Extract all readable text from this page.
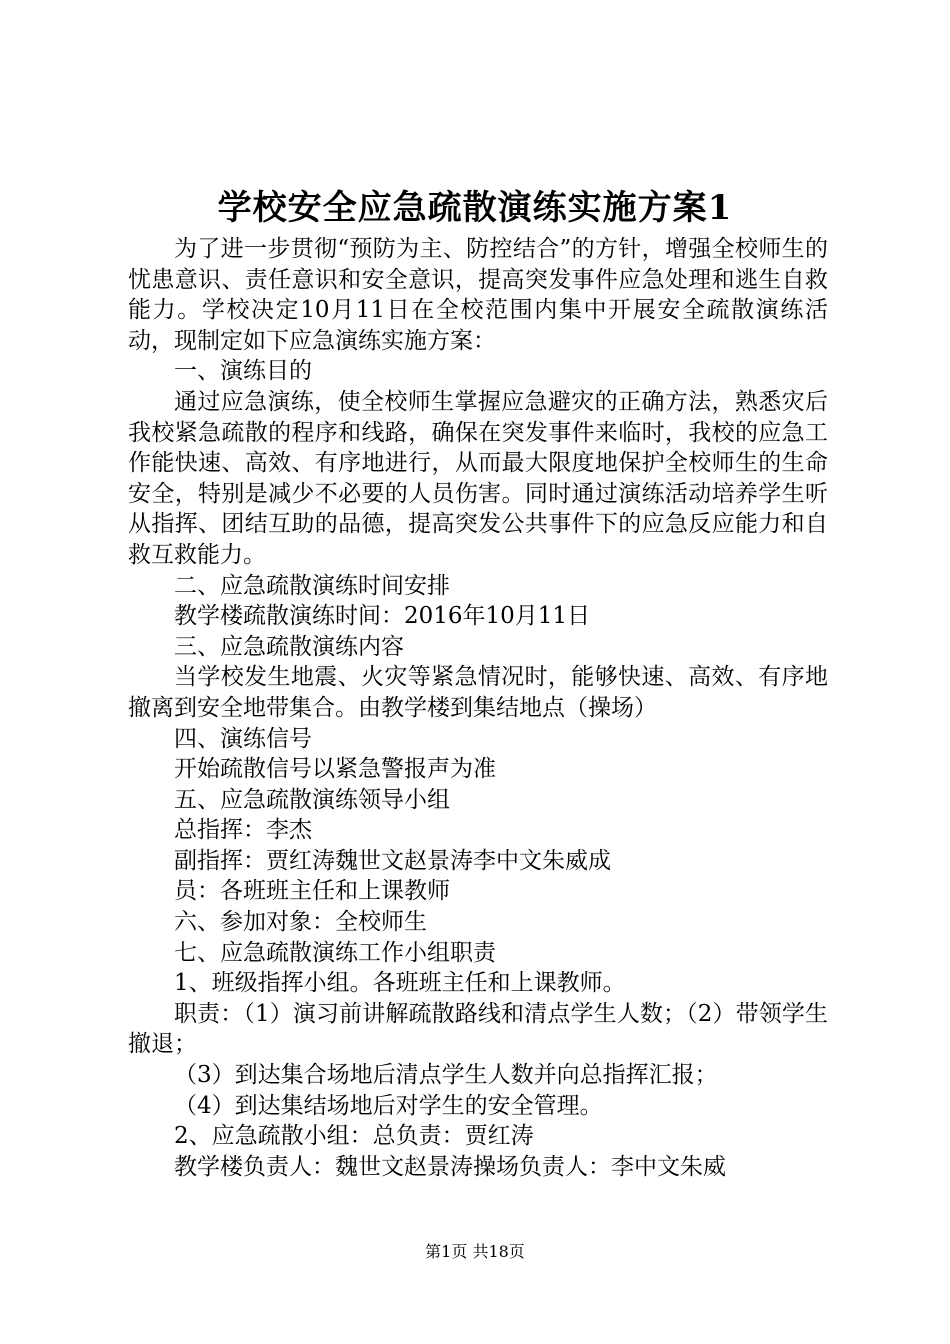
学校安全应急疏散演练实施方案1

为了进一步贯彻“预防为主、防控结合”的方针，增强全校师生的忧患意识、责任意识和安全意识，提高突发事件应急处理和逃生自救能力。学校决定10月11日在全校范围内集中开展安全疏散演练活动，现制定如下应急演练实施方案：

一、演练目的

通过应急演练，使全校师生掌握应急避灾的正确方法，熟悉灾后我校紧急疏散的程序和线路，确保在突发事件来临时，我校的应急工作能快速、高效、有序地进行，从而最大限度地保护全校师生的生命安全，特别是减少不必要的人员伤害。同时通过演练活动培养学生听从指挥、团结互助的品德，提高突发公共事件下的应急反应能力和自救互救能力。

二、应急疏散演练时间安排

教学楼疏散演练时间：2016年10月11日

三、应急疏散演练内容

当学校发生地震、火灾等紧急情况时，能够快速、高效、有序地撤离到安全地带集合。由教学楼到集结地点（操场）

四、演练信号

开始疏散信号以紧急警报声为准

五、应急疏散演练领导小组

总指挥：李杰

副指挥：贾红涛魏世文赵景涛李中文朱威成

员：各班班主任和上课教师

六、参加对象：全校师生

七、应急疏散演练工作小组职责

1、班级指挥小组。各班班主任和上课教师。

职责：（1）演习前讲解疏散路线和清点学生人数；（2）带领学生撤退；

（3）到达集合场地后清点学生人数并向总指挥汇报；

（4）到达集结场地后对学生的安全管理。

2、应急疏散小组：总负责：贾红涛

教学楼负责人：魏世文赵景涛操场负责人：李中文朱威

第1页 共18页
